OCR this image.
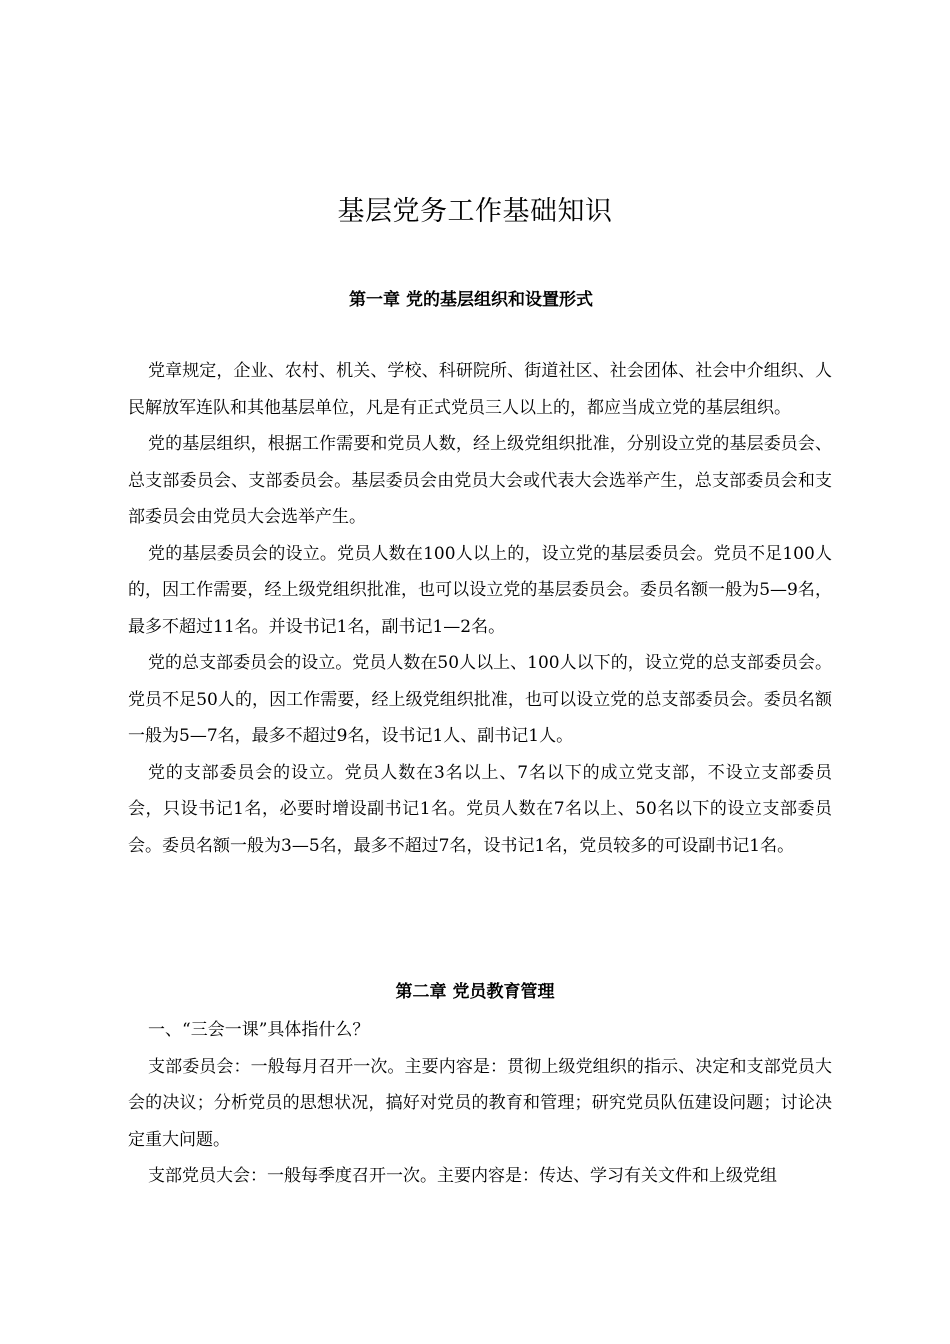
基层党务工作基础知识
第一章 党的基层组织和设置形式

党章规定，企业、农村、机关、学校、科研院所、街道社区、社会团体、社会中介组织、人民解放军连队和其他基层单位，凡是有正式党员三人以上的，都应当成立党的基层组织。

党的基层组织，根据工作需要和党员人数，经上级党组织批准，分别设立党的基层委员会、总支部委员会、支部委员会。基层委员会由党员大会或代表大会选举产生，总支部委员会和支部委员会由党员大会选举产生。

党的基层委员会的设立。党员人数在100人以上的，设立党的基层委员会。党员不足100人的，因工作需要，经上级党组织批准，也可以设立党的基层委员会。委员名额一般为5—9名，最多不超过11名。并设书记1名，副书记1—2名。

党的总支部委员会的设立。党员人数在50人以上、100人以下的，设立党的总支部委员会。党员不足50人的，因工作需要，经上级党组织批准，也可以设立党的总支部委员会。委员名额一般为5—7名，最多不超过9名，设书记1人、副书记1人。

党的支部委员会的设立。党员人数在3名以上、7名以下的成立党支部，不设立支部委员会，只设书记1名，必要时增设副书记1名。党员人数在7名以上、50名以下的设立支部委员会。委员名额一般为3—5名，最多不超过7名，设书记1名，党员较多的可设副书记1名。

第二章 党员教育管理

一、“三会一课”具体指什么？

支部委员会：一般每月召开一次。主要内容是：贯彻上级党组织的指示、决定和支部党员大会的决议；分析党员的思想状况，搞好对党员的教育和管理；研究党员队伍建设问题；讨论决定重大问题。

支部党员大会：一般每季度召开一次。主要内容是：传达、学习有关文件和上级党组
